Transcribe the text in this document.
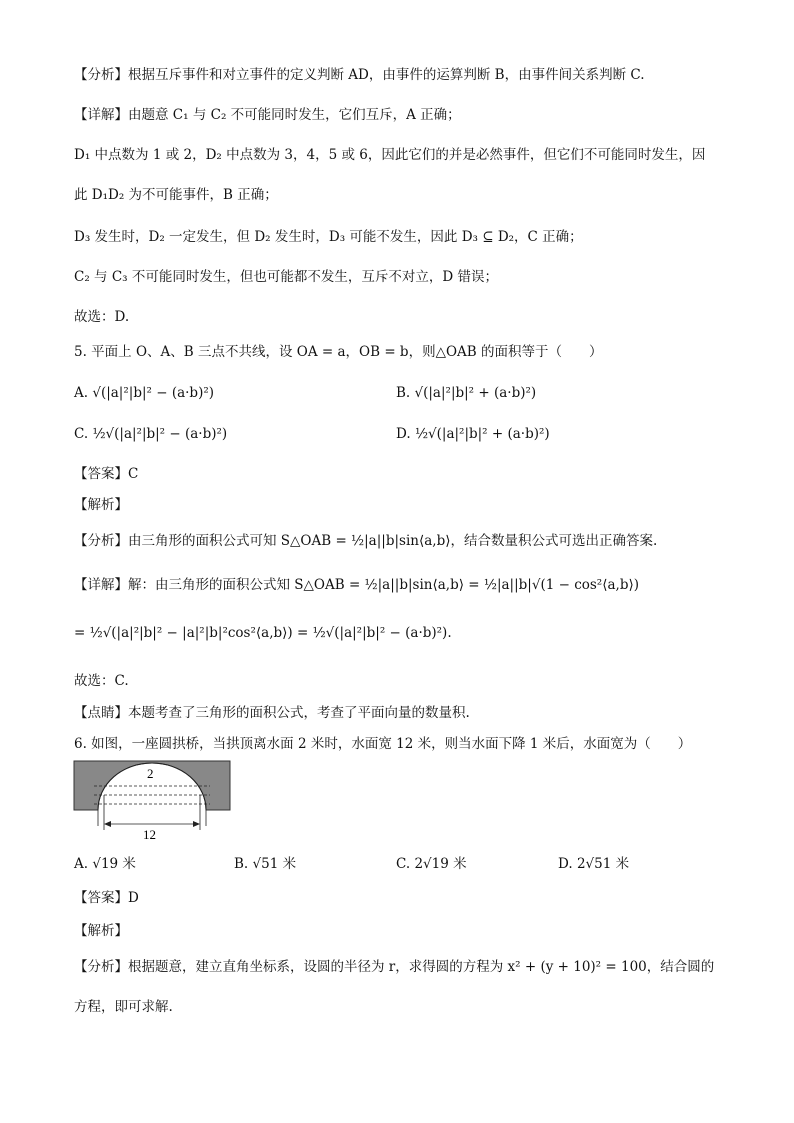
【分析】根据互斥事件和对立事件的定义判断 AD，由事件的运算判断 B，由事件间关系判断 C.
【详解】由题意 C₁ 与 C₂ 不可能同时发生，它们互斥，A 正确；
D₁ 中点数为 1 或 2，D₂ 中点数为 3，4，5 或 6，因此它们的并是必然事件，但它们不可能同时发生，因
此 D₁D₂ 为不可能事件，B 正确；
D₃ 发生时，D₂ 一定发生，但 D₂ 发生时，D₃ 可能不发生，因此 D₃ ⊆ D₂，C 正确；
C₂ 与 C₃ 不可能同时发生，但也可能都不发生，互斥不对立，D 错误；
故选：D.
5. 平面上 O、A、B 三点不共线，设 OA = a，OB = b，则△OAB 的面积等于（　　）
A. √(|a|²|b|² − (a·b)²)	B. √(|a|²|b|² + (a·b)²)
C. ½√(|a|²|b|² − (a·b)²)	D. ½√(|a|²|b|² + (a·b)²)
【答案】C
【解析】
【分析】由三角形的面积公式可知 S△OAB = ½|a||b|sin⟨a,b⟩，结合数量积公式可选出正确答案.
【详解】解：由三角形的面积公式知 S△OAB = ½|a||b|sin⟨a,b⟩ = ½|a||b|√(1 − cos²⟨a,b⟩)
= ½√(|a|²|b|² − |a|²|b|²cos²⟨a,b⟩) = ½√(|a|²|b|² − (a·b)²).
故选：C.
【点睛】本题考查了三角形的面积公式，考查了平面向量的数量积.
6. 如图，一座圆拱桥，当拱顶离水面 2 米时，水面宽 12 米，则当水面下降 1 米后，水面宽为（　　）
2
12
A. √19 米	B. √51 米	C. 2√19 米	D. 2√51 米
【答案】D
【解析】
【分析】根据题意，建立直角坐标系，设圆的半径为 r，求得圆的方程为 x² + (y + 10)² = 100，结合圆的
方程，即可求解.
